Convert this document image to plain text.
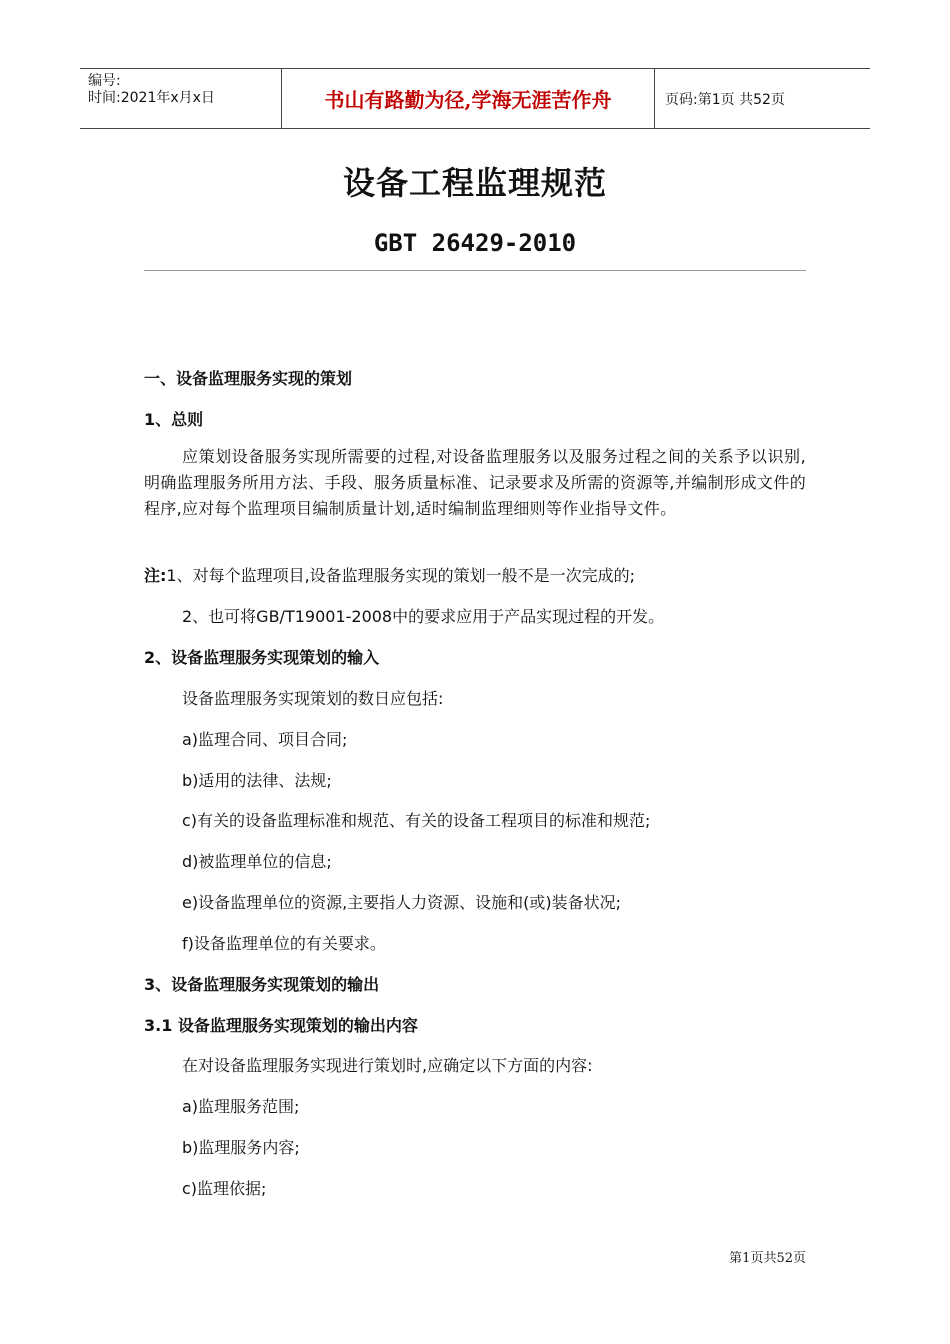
编号:
时间:2021年x月x日	书山有路勤为径,学海无涯苦作舟	页码:第1页 共52页
设备工程监理规范
GBT 26429-2010
一、设备监理服务实现的策划
1、总则
应策划设备服务实现所需要的过程,对设备监理服务以及服务过程之间的关系予以识别,明确监理服务所用方法、手段、服务质量标准、记录要求及所需的资源等,并编制形成文件的程序,应对每个监理项目编制质量计划,适时编制监理细则等作业指导文件。
注:1、对每个监理项目,设备监理服务实现的策划一般不是一次完成的;
2、也可将GB/T19001-2008中的要求应用于产品实现过程的开发。
2、设备监理服务实现策划的输入
设备监理服务实现策划的数日应包括:
a)监理合同、项目合同;
b)适用的法律、法规;
c)有关的设备监理标准和规范、有关的设备工程项目的标准和规范;
d)被监理单位的信息;
e)设备监理单位的资源,主要指人力资源、设施和(或)装备状况;
f)设备监理单位的有关要求。
3、设备监理服务实现策划的输出
3.1 设备监理服务实现策划的输出内容
在对设备监理服务实现进行策划时,应确定以下方面的内容:
a)监理服务范围;
b)监理服务内容;
c)监理依据;
第1页共52页
